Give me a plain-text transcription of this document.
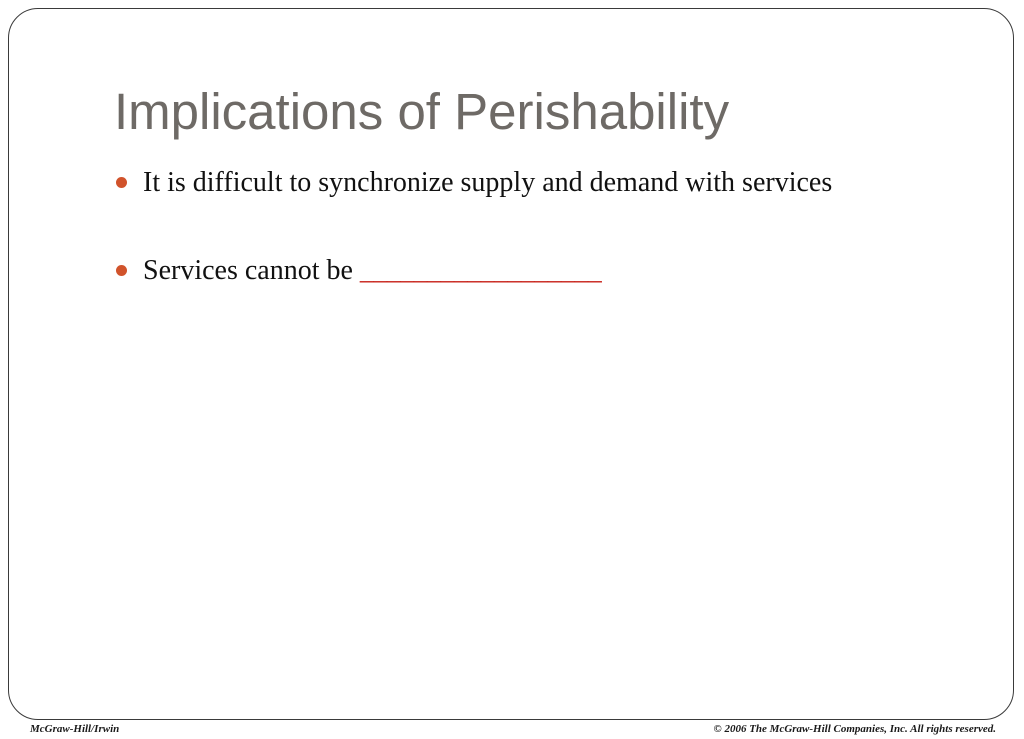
Implications of Perishability
It is difficult to synchronize supply and demand with services
Services cannot be __________________
McGraw-Hill/Irwin	© 2006 The McGraw-Hill Companies, Inc. All rights reserved.
